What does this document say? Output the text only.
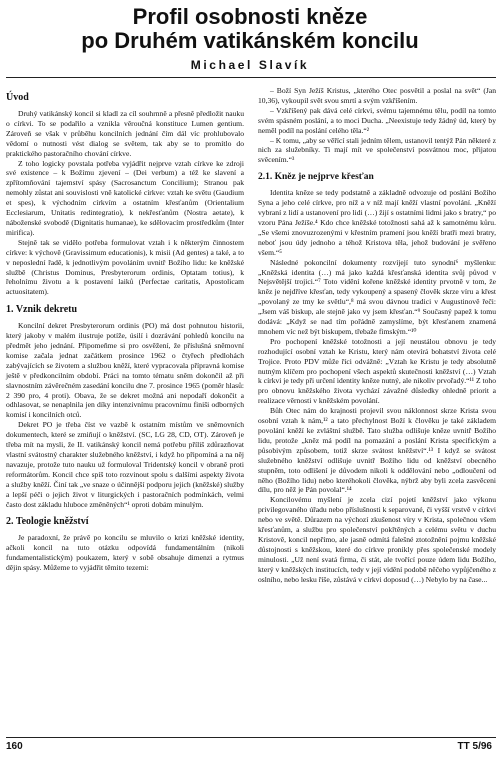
Profil osobnosti kněze
po Druhém vatikánském koncilu
Michael Slavík
Úvod

Druhý vatikánský koncil si kladl za cíl souhrnně a přesně předložit nauku o církvi. To se podařilo a vznikla věroučná konstituce Lumen gentium. Zároveň se však v průběhu koncilních jednání čím dál víc prohlubovalo vědomí o nutnosti vést dialog se světem, tak aby se to promítlo do praktického pastoračního chování církve.

Z toho logicky povstala potřeba vyjádřit nejprve vztah církve ke zdroji své existence – k Božímu zjevení – (Dei verbum) a též ke slavení a zpřítomňování tajemství spásy (Sacrosanctum Concilium); Stranou pak nemohly zůstat ani souvislosti vně katolické církve: vztah ke světu (Gaudium et spes), k východním církvím a ostatním křesťanům (Orientalium Ecclesiarum, Unitatis redintegratio), k nekřesťanům (Nostra aetate), k náboženské svobodě (Dignitatis humanae), ke sdělovacím prostředkům (Inter mirifica).

Stejně tak se vidělo potřeba formulovat vztah i k některým činnostem církve: k výchově (Gravissimum educationis), k misii (Ad gentes) a také, a to v neposlední řadě, k jednotlivým povoláním uvnitř Božího lidu: ke kněžské službě (Christus Dominus, Presbyterorum ordinis, Optatam totius), k řeholnímu životu a k postavení laiků (Perfectae caritatis, Apostolicam actuositatem).

1. Vznik dekretu

Koncilní dekret Presbyterorum ordinis (PO) má dost pohnutou historii, který jakoby v malém ilustruje potíže, úsilí i dozrávání pohledů koncilu na předmět jeho jednání. Připomeňme si pro osvěžení, že příslušná sněmovní komise začala jednat začátkem prosince 1962 o čtyřech předlohách zabývajících se životem a službou kněží, které vypracovala přípravná komise ještě v předkoncilním období. Práci na tomto tématu sněm dokončil až při slavnostním závěrečném zasedání koncilu dne 7. prosince 1965 (poměr hlasů: 2 390 pro, 4 proti). Obava, že se dekret možná ani nepodaří dokončit a odhlasovat, se nenaplnila jen díky intenzivnímu pracovnímu finiši odborných komisí i koncilních otců.

Dekret PO je třeba číst ve vazbě k ostatním místům ve sněmovních dokumentech, které se zmiňují o kněžství. (SC, LG 28, CD, OT). Zároveň je třeba mít na mysli, že II. vatikánský koncil nemá potřebu příliš zdůrazňovat vlastní svátostný charakter služebného kněžství, i když ho připomíná a na něj navazuje, protože tuto nauku už formuloval Tridentský koncil v obraně proti reformátorům. Koncil chce spíš toto rozvinout spolu s dalšími aspekty života a služby kněží. Činí tak „ve snaze o účinnější podporu jejich (kněžské) služby a lepší péči o jejich život v liturgických i pastoračních podmínkách, velmi často dost základu hluboce změněných“¹ oproti dobám minulým.

2. Teologie kněžství

Je paradoxní, že právě po koncilu se mluvilo o krizi kněžské identity, ačkoli koncil na tuto otázku odpovídá fundamentálním (nikoli fundamentalistickým) poukazem, který v sobě obsahuje dimenzi a rytmus dějin spásy. Můžeme to vyjádřit těmito tezemi:

– Boží Syn Ježíš Kristus, „kterého Otec posvětil a poslal na svět“ (Jan 10,36), vykoupil svět svou smrtí a svým vzkříšením.

– Vzkříšený pak dává celé církvi, svému tajemnému tělu, podíl na tomto svém spásném poslání, a to moci Ducha. „Neexistuje tedy žádný úd, který by neměl podíl na poslání celého těla.“²

– K tomu, „aby se věřící stali jedním tělem, ustanovil tentýž Pán některé z nich za služebníky. Ti mají mít ve společenství posvátnou moc, přijatou svěcením.“³

2.1. Kněz je nejprve křesťan

Identita kněze se tedy podstatně a základně odvozuje od poslání Božího Syna a jeho celé církve, pro níž a v níž mají kněží vlastní povolání. „Kněží vybraní z lidí a ustanovení pro lidi (…) žijí s ostatními lidmi jako s bratry,“ po vzoru Pána Ježíše.⁴ Kdo chce kněžské totožnosti sahá až k samotnému kůru. „Se všemi znovuzrozenými v křestním pramení jsou kněží bratři mezi bratry, neboť jsou údy jednoho a téhož Kristova těla, jehož budování je svěřeno všem.“⁵

Následné pokoncilní dokumenty rozvíjejí tuto synodní⁶ myšlenku: „Kněžská identita (…) má jako každá křesťanská identita svůj původ v Nejsvětější trojici.“⁷ Toto vidění kořene kněžské identity prvotně v tom, že kněz je nejdříve křesťan, tedy vykoupený a spasený člověk skrze víru a křest „povolaný ze tmy ke světlu“,⁸ má svou dávnou tradici v Augustinově řeči: „Jsem váš biskup, ale stejně jako vy jsem křesťan.“⁹ Současný papež k tomu dodává: „Když se nad tím pořádně zamyslíme, být křesťanem znamená mnohem víc než být biskupem, třebaže fimským.“¹⁰

Pro pochopení kněžské totožnosti a její neustálou obnovu je tedy rozhodující osobní vztah ke Kristu, který nám otevírá bohatství života celé Trojice. Proto PDV může říci odvážně: „Vztah ke Kristu je tedy absolutně nutným klíčem pro pochopení všech aspektů skutečnosti kněžství (…) Vztah k církvi je tedy při určení identity kněze nutný, ale nikoliv prvořadý.“¹¹ Z toho pro obnovu kněžského života vychází závažné důsledky ohledně priorit a realizace věrnosti v kněžském povolání.

Bůh Otec nám do krajnosti projevil svou náklonnost skrze Krista svou osobní vztah k nám,¹² a tato přechylnost Boží k člověku je také základem povolání kněží ke zvláštní službě. Tato služba odlišuje kněze uvnitř Božího lidu, protože „kněz má podíl na pomazání a poslání Krista specifickým a působivým způsobem, totiž skrze svátost kněžství“.¹³ I když se svátost služebného kněžství odlišuje uvnitř Božího lidu od kněžství obecného stupněm, toto odlišení je důvodem nikoli k oddělování nebo „odloučení od něho (Božího lidu) nebo kteréhokoli člověka, nýbrž aby byli zcela zasvěceni dílu, pro něž je Pán povolal“.¹⁴

Koncilovému myšlení je zcela cizí pojetí kněžství jako výkonu privilegovaného úřadu nebo příslušnosti k separované, či vyšší vrstvě v církvi nebo ve světě. Důrazem na výchozí zkušenost víry v Krista, společnou všem křesťanům, a službu pro společenství pokřtěných a celému světu v duchu Kristově, koncil nepřímo, ale jasně odmítá falešné ztotožnění pojmu kněžské důstojnosti s kněžskou, které do církve pronikly přes společenské modely minulosti. „Už není svatá firma, či stát, ale tvořící pouze údem lidu Božího, který v kněžských institucích, tedy v její vidění podobě něčeho vypůjčeného z oslního, nebo lesku říše, zůstává v církvi doposud (…) Nebylo by na čase...

160	TT 5/96
